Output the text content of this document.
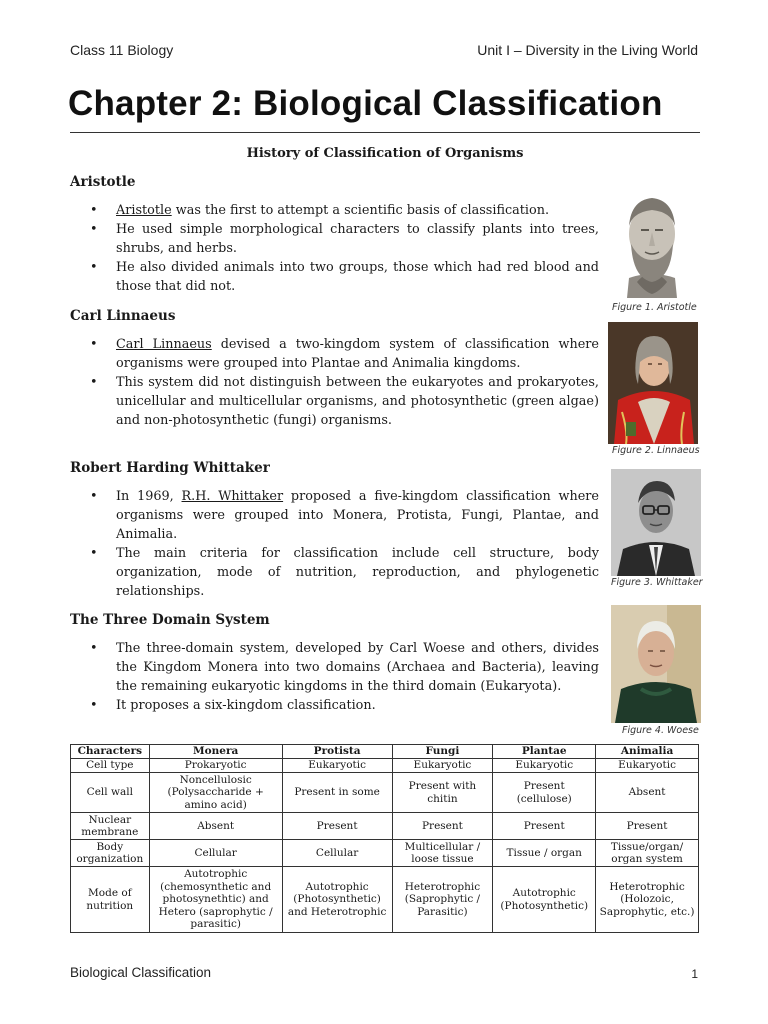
Class 11 Biology	Unit I – Diversity in the Living World
Chapter 2: Biological Classification
History of Classification of Organisms
Aristotle
• Aristotle was the first to attempt a scientific basis of classification.
• He used simple morphological characters to classify plants into trees, shrubs, and herbs.
• He also divided animals into two groups, those which had red blood and those that did not.
Carl Linnaeus
• Carl Linnaeus devised a two-kingdom system of classification where organisms were grouped into Plantae and Animalia kingdoms.
• This system did not distinguish between the eukaryotes and prokaryotes, unicellular and multicellular organisms, and photosynthetic (green algae) and non-photosynthetic (fungi) organisms.
Robert Harding Whittaker
• In 1969, R.H. Whittaker proposed a five-kingdom classification where organisms were grouped into Monera, Protista, Fungi, Plantae, and Animalia.
• The main criteria for classification include cell structure, body organization, mode of nutrition, reproduction, and phylogenetic relationships.
The Three Domain System
• The three-domain system, developed by Carl Woese and others, divides the Kingdom Monera into two domains (Archaea and Bacteria), leaving the remaining eukaryotic kingdoms in the third domain (Eukaryota).
• It proposes a six-kingdom classification.
Figure 1. Aristotle
Figure 2. Linnaeus
Figure 3. Whittaker
Figure 4. Woese
Characters	Monera	Protista	Fungi	Plantae	Animalia
Cell type	Prokaryotic	Eukaryotic	Eukaryotic	Eukaryotic	Eukaryotic
Cell wall	Noncellulosic (Polysaccharide + amino acid)	Present in some	Present with chitin	Present (cellulose)	Absent
Nuclear membrane	Absent	Present	Present	Present	Present
Body organization	Cellular	Cellular	Multicellular / loose tissue	Tissue / organ	Tissue/organ/ organ system
Mode of nutrition	Autotrophic (chemosynthetic and photosynethtic) and Hetero (saprophytic / parasitic)	Autotrophic (Photosynthetic) and Heterotrophic	Heterotrophic (Saprophytic / Parasitic)	Autotrophic (Photosynthetic)	Heterotrophic (Holozoic, Saprophytic, etc.)
Biological Classification	1
